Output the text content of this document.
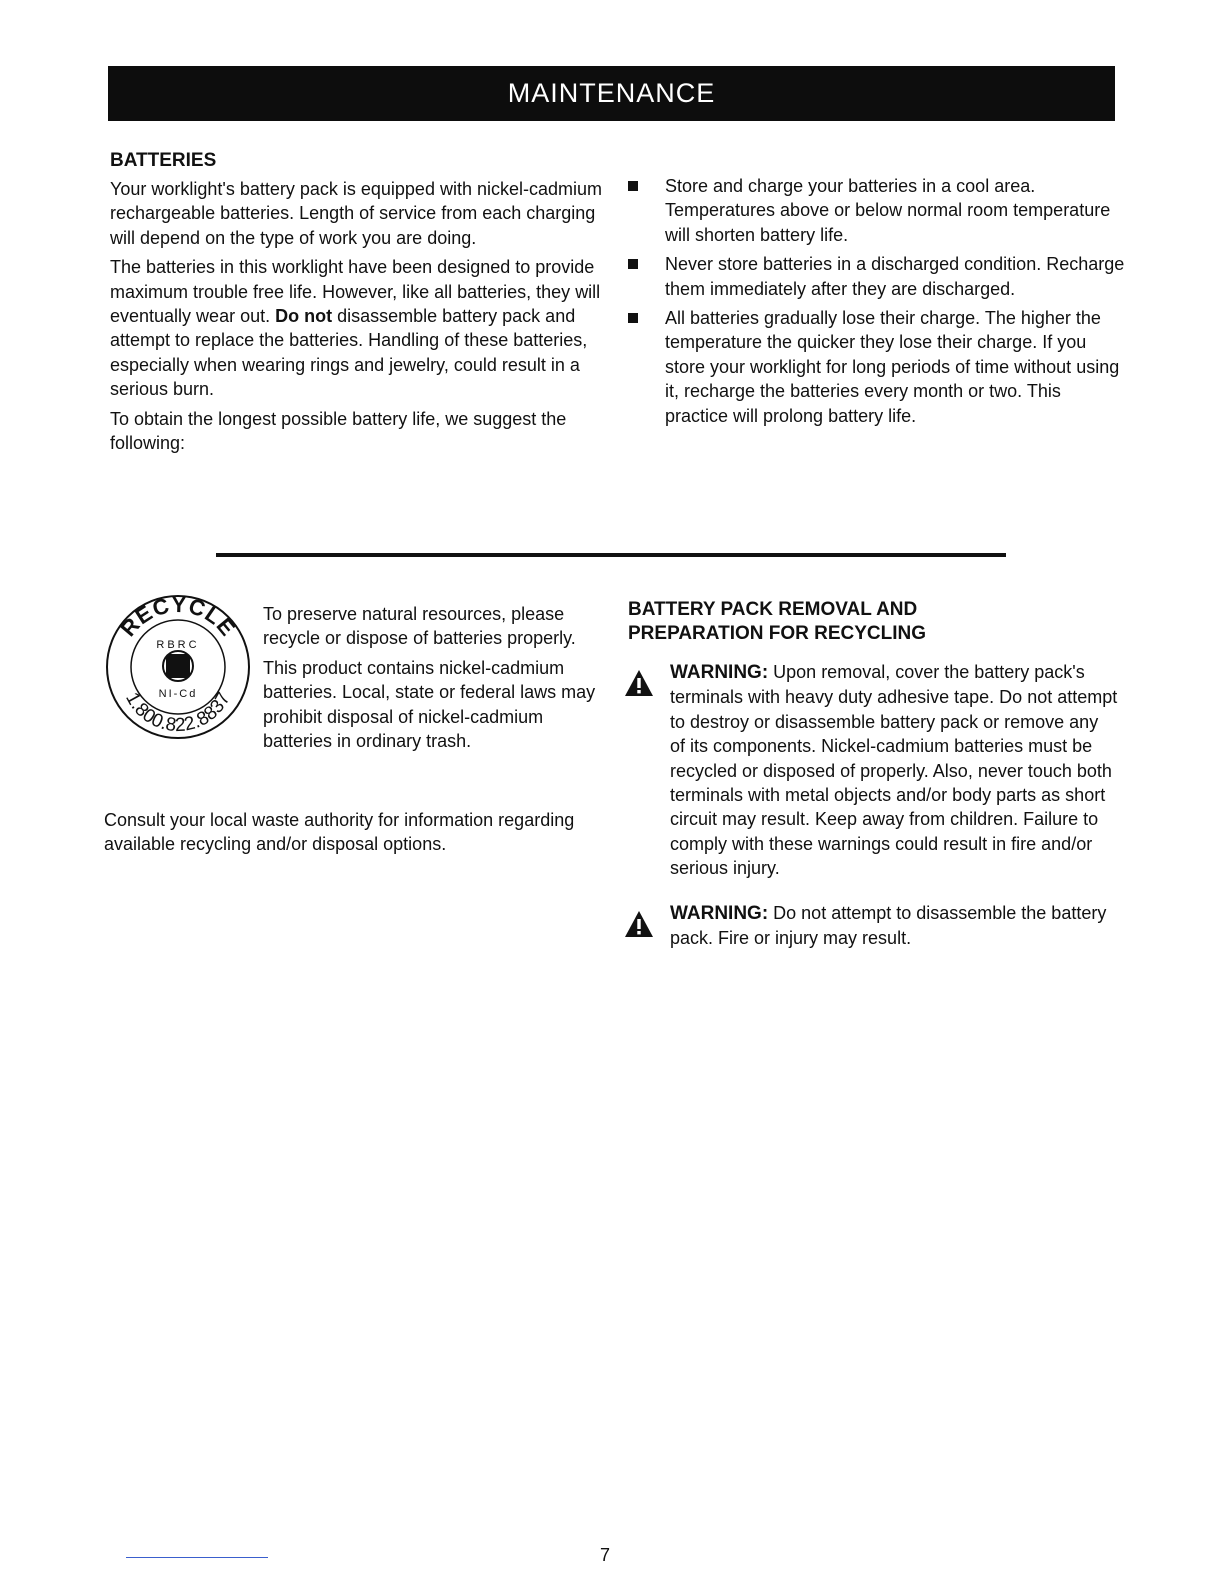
MAINTENANCE
BATTERIES

Your worklight's battery pack is equipped with nickel-cadmium rechargeable batteries. Length of service from each charging will depend on the type of work you are doing.

The batteries in this worklight have been designed to provide maximum trouble free life. However, like all batteries, they will eventually wear out. Do not disassemble battery pack and attempt to replace the batteries. Handling of these batteries, especially when wearing rings and jewelry, could result in a serious burn.

To obtain the longest possible battery life, we suggest the following:

Store and charge your batteries in a cool area. Temperatures above or below normal room temperature will shorten battery life.
Never store batteries in a discharged condition. Recharge them immediately after they are discharged.
All batteries gradually lose their charge. The higher the temperature the quicker they lose their charge. If you store your worklight for long periods of time without using it, recharge the batteries every month or two. This practice will prolong battery life.
RECYCLE
1.800.822.8837
RBRC
NI-Cd

To preserve natural resources, please recycle or dispose of batteries properly.

This product contains nickel-cadmium batteries. Local, state or federal laws may prohibit disposal of nickel-cadmium batteries in ordinary trash.

Consult your local waste authority for information regarding available recycling and/or disposal options.

BATTERY PACK REMOVAL AND
PREPARATION FOR RECYCLING
WARNING: Upon removal, cover the battery pack's terminals with heavy duty adhesive tape. Do not attempt to destroy or disassemble battery pack or remove any of its components. Nickel-cadmium batteries must be recycled or disposed of properly. Also, never touch both terminals with metal objects and/or body parts as short circuit may result. Keep away from children. Failure to comply with these warnings could result in fire and/or serious injury.
WARNING: Do not attempt to disassemble the battery pack. Fire or injury may result.
7
